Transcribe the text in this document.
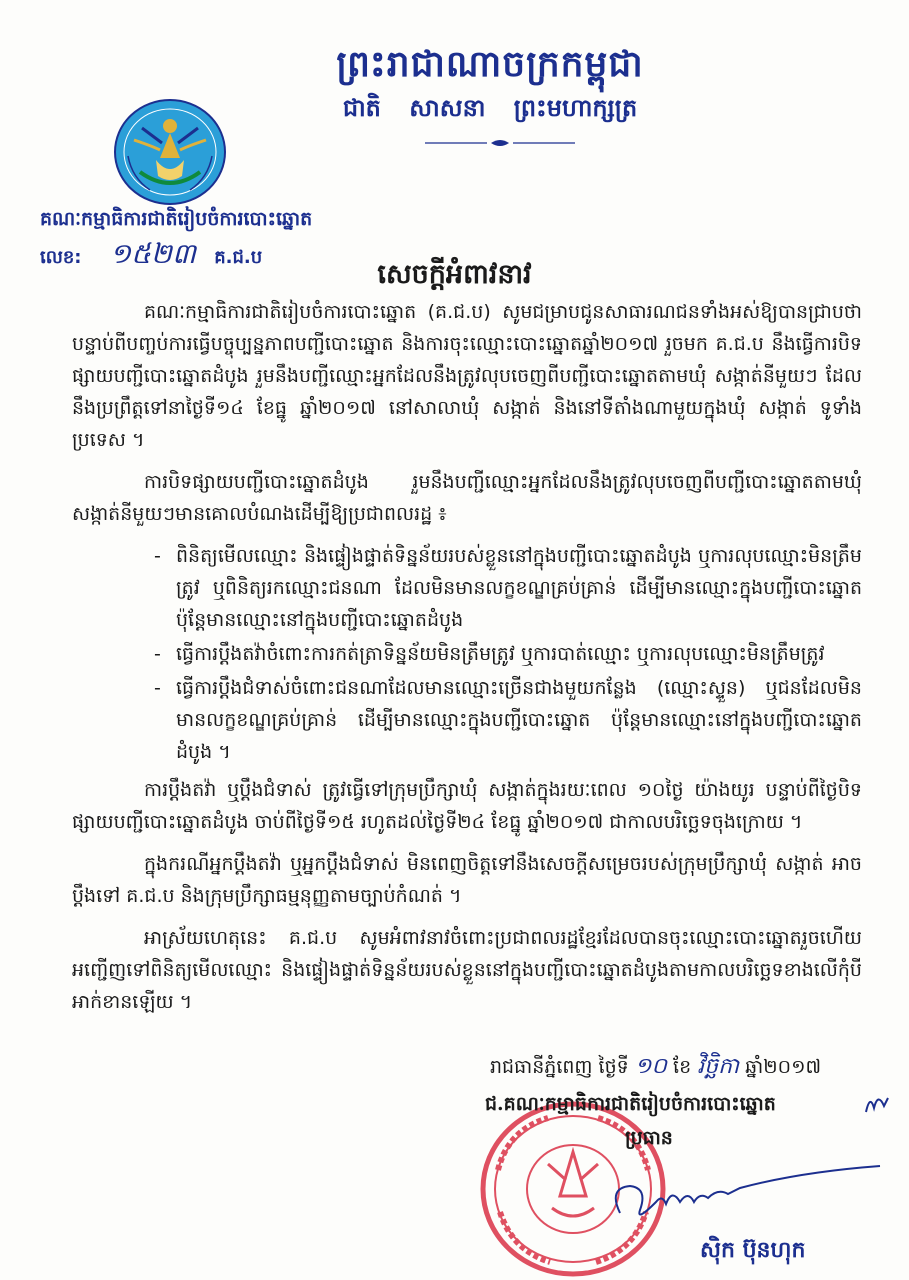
ព្រះរាជាណាចក្រកម្ពុជា
ជាតិ សាសនា ព្រះមហាក្សត្រ
គណៈកម្មាធិការជាតិរៀបចំការបោះឆ្នោត
លេខ: ១៥២៣ គ.ជ.ប
សេចក្តីអំពាវនាវ

គណៈកម្មាធិការជាតិរៀបចំការបោះឆ្នោត (គ.ជ.ប) សូមជម្រាបជូនសាធារណជនទាំងអស់ឱ្យបានជ្រាបថា បន្ទាប់ពីបញ្ចប់ការធ្វើបច្ចុប្បន្នភាពបញ្ជីបោះឆ្នោត និងការចុះឈ្មោះបោះឆ្នោតឆ្នាំ២០១៧ រួចមក គ.ជ.ប នឹងធ្វើការបិទផ្សាយបញ្ជីបោះឆ្នោតដំបូង រួមនឹងបញ្ជីឈ្មោះអ្នកដែលនឹងត្រូវលុបចេញពីបញ្ជីបោះឆ្នោតតាមឃុំ សង្កាត់នីមួយៗ ដែលនឹងប្រព្រឹត្តទៅនាថ្ងៃទី១៤ ខែធ្នូ ឆ្នាំ២០១៧ នៅសាលាឃុំ សង្កាត់ និងនៅទីតាំងណាមួយក្នុងឃុំ សង្កាត់ ទូទាំងប្រទេស ។

ការបិទផ្សាយបញ្ជីបោះឆ្នោតដំបូង រួមនឹងបញ្ជីឈ្មោះអ្នកដែលនឹងត្រូវលុបចេញពីបញ្ជីបោះឆ្នោតតាមឃុំ សង្កាត់នីមួយៗមានគោលបំណងដើម្បីឱ្យប្រជាពលរដ្ឋ ៖

- ពិនិត្យមើលឈ្មោះ និងផ្ទៀងផ្ទាត់ទិន្នន័យរបស់ខ្លួននៅក្នុងបញ្ជីបោះឆ្នោតដំបូង ឬការលុបឈ្មោះមិនត្រឹមត្រូវ ឬពិនិត្យរកឈ្មោះជនណា ដែលមិនមានលក្ខខណ្ឌគ្រប់គ្រាន់ ដើម្បីមានឈ្មោះក្នុងបញ្ជីបោះឆ្នោត ប៉ុន្តែមានឈ្មោះនៅក្នុងបញ្ជីបោះឆ្នោតដំបូង
- ធ្វើការប្តឹងតវ៉ាចំពោះការកត់ត្រាទិន្នន័យមិនត្រឹមត្រូវ ឬការបាត់ឈ្មោះ ឬការលុបឈ្មោះមិនត្រឹមត្រូវ
- ធ្វើការប្តឹងជំទាស់ចំពោះជនណាដែលមានឈ្មោះច្រើនជាងមួយកន្លែង (ឈ្មោះស្ទួន) ឬជនដែលមិនមានលក្ខខណ្ឌគ្រប់គ្រាន់ ដើម្បីមានឈ្មោះក្នុងបញ្ជីបោះឆ្នោត ប៉ុន្តែមានឈ្មោះនៅក្នុងបញ្ជីបោះឆ្នោតដំបូង ។

ការប្តឹងតវ៉ា ឬប្តឹងជំទាស់ ត្រូវធ្វើទៅក្រុមប្រឹក្សាឃុំ សង្កាត់ក្នុងរយៈពេល ១០ថ្ងៃ យ៉ាងយូរ បន្ទាប់ពីថ្ងៃបិទផ្សាយបញ្ជីបោះឆ្នោតដំបូង ចាប់ពីថ្ងៃទី១៥ រហូតដល់ថ្ងៃទី២៤ ខែធ្នូ ឆ្នាំ២០១៧ ជាកាលបរិច្ឆេទចុងក្រោយ ។

ក្នុងករណីអ្នកប្តឹងតវ៉ា ឬអ្នកប្តឹងជំទាស់ មិនពេញចិត្តទៅនឹងសេចក្តីសម្រេចរបស់ក្រុមប្រឹក្សាឃុំ សង្កាត់ អាចប្តឹងទៅ គ.ជ.ប និងក្រុមប្រឹក្សាធម្មនុញ្ញតាមច្បាប់កំណត់ ។

អាស្រ័យហេតុនេះ គ.ជ.ប សូមអំពាវនាវចំពោះប្រជាពលរដ្ឋខ្មែរដែលបានចុះឈ្មោះបោះឆ្នោតរួចហើយ អញ្ជើញទៅពិនិត្យមើលឈ្មោះ និងផ្ទៀងផ្ទាត់ទិន្នន័យរបស់ខ្លួននៅក្នុងបញ្ជីបោះឆ្នោតដំបូងតាមកាលបរិច្ឆេទខាងលើកុំបីអាក់ខានឡើយ ។

រាជធានីភ្នំពេញ ថ្ងៃទី ១០ ខែ វិច្ឆិកា ឆ្នាំ២០១៧
ជ.គណៈកម្មាធិការជាតិរៀបចំការបោះឆ្នោត
ប្រធាន
ស៊ិក ប៊ុនហុក
